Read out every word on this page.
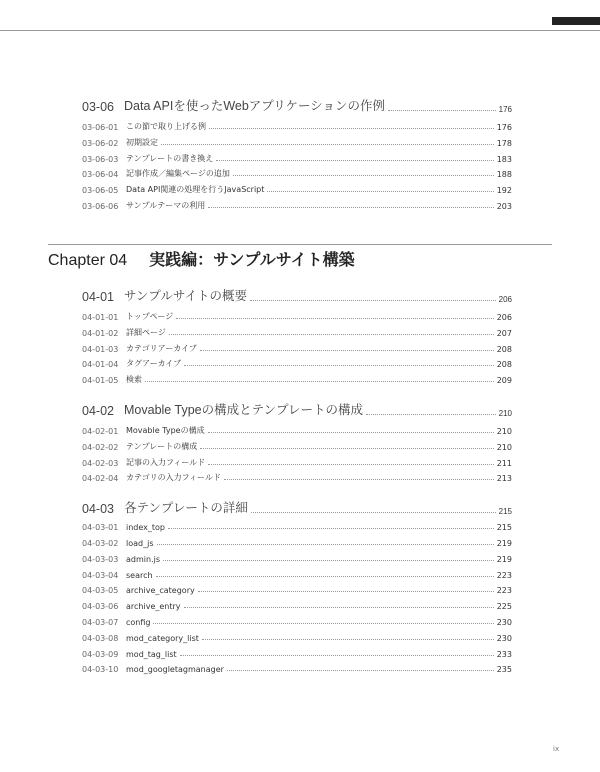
03-06 Data APIを使ったWebアプリケーションの作例	176
03-06-01 この節で取り上げる例	176
03-06-02 初期設定	178
03-06-03 テンプレートの書き換え	183
03-06-04 記事作成／編集ページの追加	188
03-06-05 Data API関連の処理を行うJavaScript	192
03-06-06 サンプルテーマの利用	203
04-01 サンプルサイトの概要	206
04-01-01 トップページ	206
04-01-02 詳細ページ	207
04-01-03 カテゴリアーカイブ	208
04-01-04 タグアーカイブ	208
04-01-05 検索	209
04-02 Movable Typeの構成とテンプレートの構成	210
04-02-01 Movable Typeの構成	210
04-02-02 テンプレートの構成	210
04-02-03 記事の入力フィールド	211
04-02-04 カテゴリの入力フィールド	213
04-03 各テンプレートの詳細	215
04-03-01 index_top	215
04-03-02 load_js	219
04-03-03 admin.js	219
04-03-04 search	223
04-03-05 archive_category	223
04-03-06 archive_entry	225
04-03-07 config	230
04-03-08 mod_category_list	230
04-03-09 mod_tag_list	233
04-03-10 mod_googletagmanager	235
Chapter 04 実践編：サンプルサイト構築
ix
